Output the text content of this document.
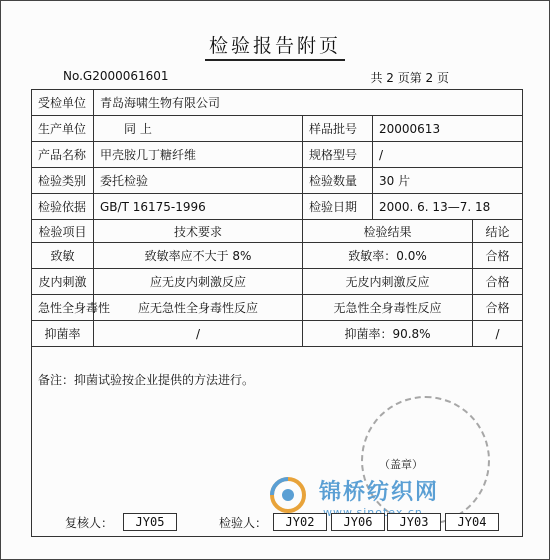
检验报告附页
No.G2000061601	共 2 页第 2 页
受检单位	青岛海啸生物有限公司			
生产单位	同 上	样品批号	20000613	
产品名称	甲壳胺几丁糖纤维	规格型号	/	
检验类别	委托检验	检验数量	30 片	
检验依据	GB/T 16175-1996	检验日期	2000. 6. 13—7. 18	
检验项目	技术要求	检验结果		结论
致敏	致敏率应不大于 8%	致敏率：0.0%		合格
皮内刺激	应无皮内刺激反应	无皮内刺激反应		合格
急性全身毒性	应无急性全身毒性反应	无急性全身毒性反应		合格
抑菌率	/	抑菌率：90.8%		/

备注：抑菌试验按企业提供的方法进行。				
（盖章）
锦桥纺织网
复核人：	JY05	检验人：	JY02	JY06	JY03	JY04
